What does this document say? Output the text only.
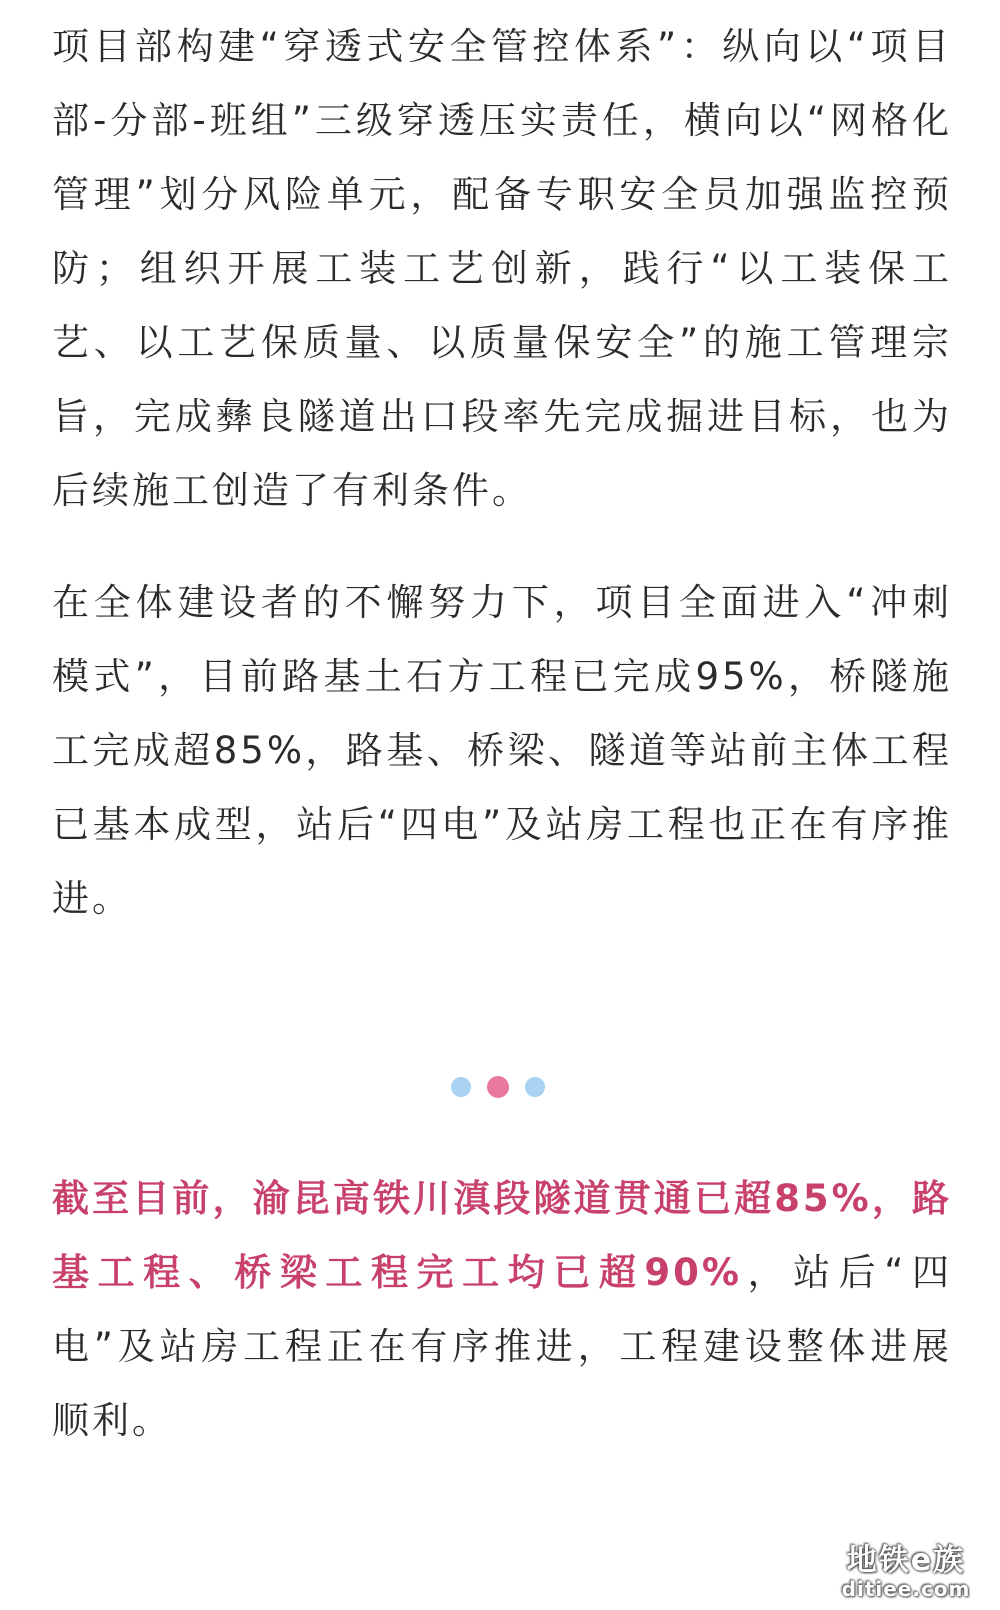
项目部构建“穿透式安全管控体系”：纵向以“项目部-分部-班组”三级穿透压实责任，横向以“网格化管理”划分风险单元，配备专职安全员加强监控预防；组织开展工装工艺创新，践行“以工装保工艺、以工艺保质量、以质量保安全”的施工管理宗旨，完成彝良隧道出口段率先完成掘进目标，也为后续施工创造了有利条件。

在全体建设者的不懈努力下，项目全面进入“冲刺模式”，目前路基土石方工程已完成95%，桥隧施工完成超85%，路基、桥梁、隧道等站前主体工程已基本成型，站后“四电”及站房工程也正在有序推进。

截至目前，渝昆高铁川滇段隧道贯通已超85%，路基工程、桥梁工程完工均已超90%，站后“四电”及站房工程正在有序推进，工程建设整体进展顺利。

地铁e族
ditiee.com
